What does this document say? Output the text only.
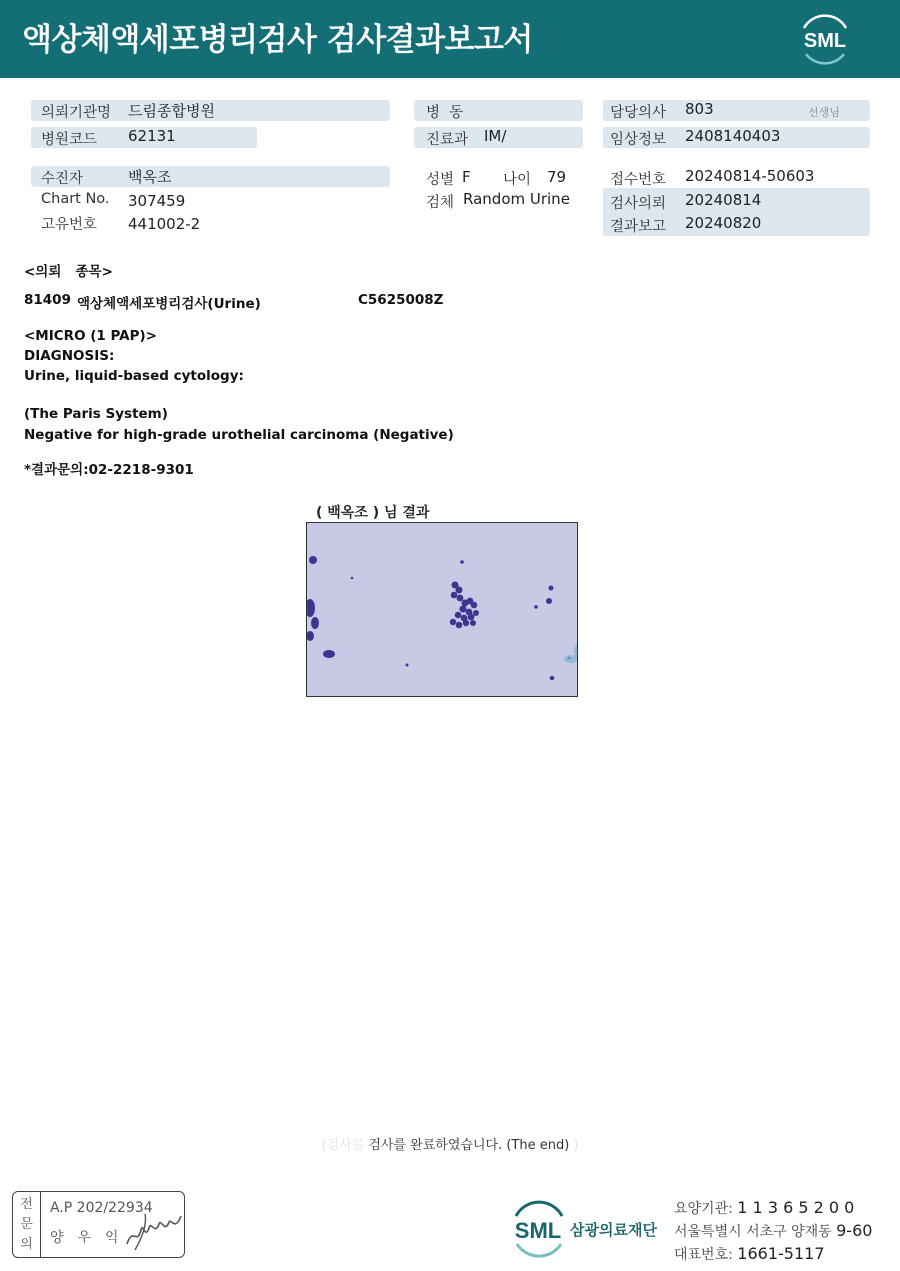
액상체액세포병리검사 검사결과보고서	SML
의뢰기관명 드림종합병원
병원코드 62131
수진자	백옥조
Chart No. 307459
고유번호 441002-2
병  동
진료과 IM/
성별 F 나이 79
검체 Random Urine
담당의사 803	선생님
임상정보 2408140403
접수번호 20240814-50603
검사의뢰 20240814
결과보고 20240820
<의뢰   종목>
81409 액상체액세포병리검사(Urine)	C5625008Z
<MICRO (1 PAP)>
DIAGNOSIS:
Urine, liquid-based cytology:
(The Paris System)
Negative for high-grade urothelial carcinoma (Negative)
*결과문의:02-2218-9301
( 백옥조 ) 님 결과
(검사를 검사를 완료하였습니다. (The end) )
전
문
의
A.P 202/22934
양우익	SML 삼광의료재단
요양기관: 1 1 3 6 5 2 0 0
서울특별시 서초구 양재동 9-60
대표번호: 1661-5117
